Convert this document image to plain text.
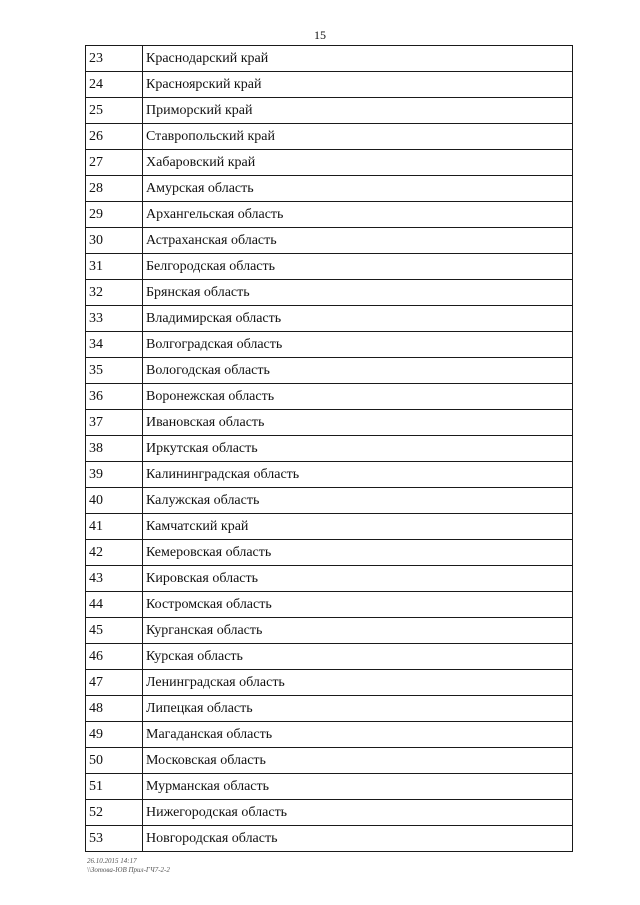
15
23	Краснодарский край
24	Красноярский край
25	Приморский край
26	Ставропольский край
27	Хабаровский край
28	Амурская область
29	Архангельская область
30	Астраханская область
31	Белгородская область
32	Брянская область
33	Владимирская область
34	Волгоградская область
35	Вологодская область
36	Воронежская область
37	Ивановская область
38	Иркутская область
39	Калининградская область
40	Калужская область
41	Камчатский край
42	Кемеровская область
43	Кировская область
44	Костромская область
45	Курганская область
46	Курская область
47	Ленинградская область
48	Липецкая область
49	Магаданская область
50	Московская область
51	Мурманская область
52	Нижегородская область
53	Новгородская область
26.10.2015 14:17
\\Зотова-ЮВ Прил-ГЧ7-2-2
